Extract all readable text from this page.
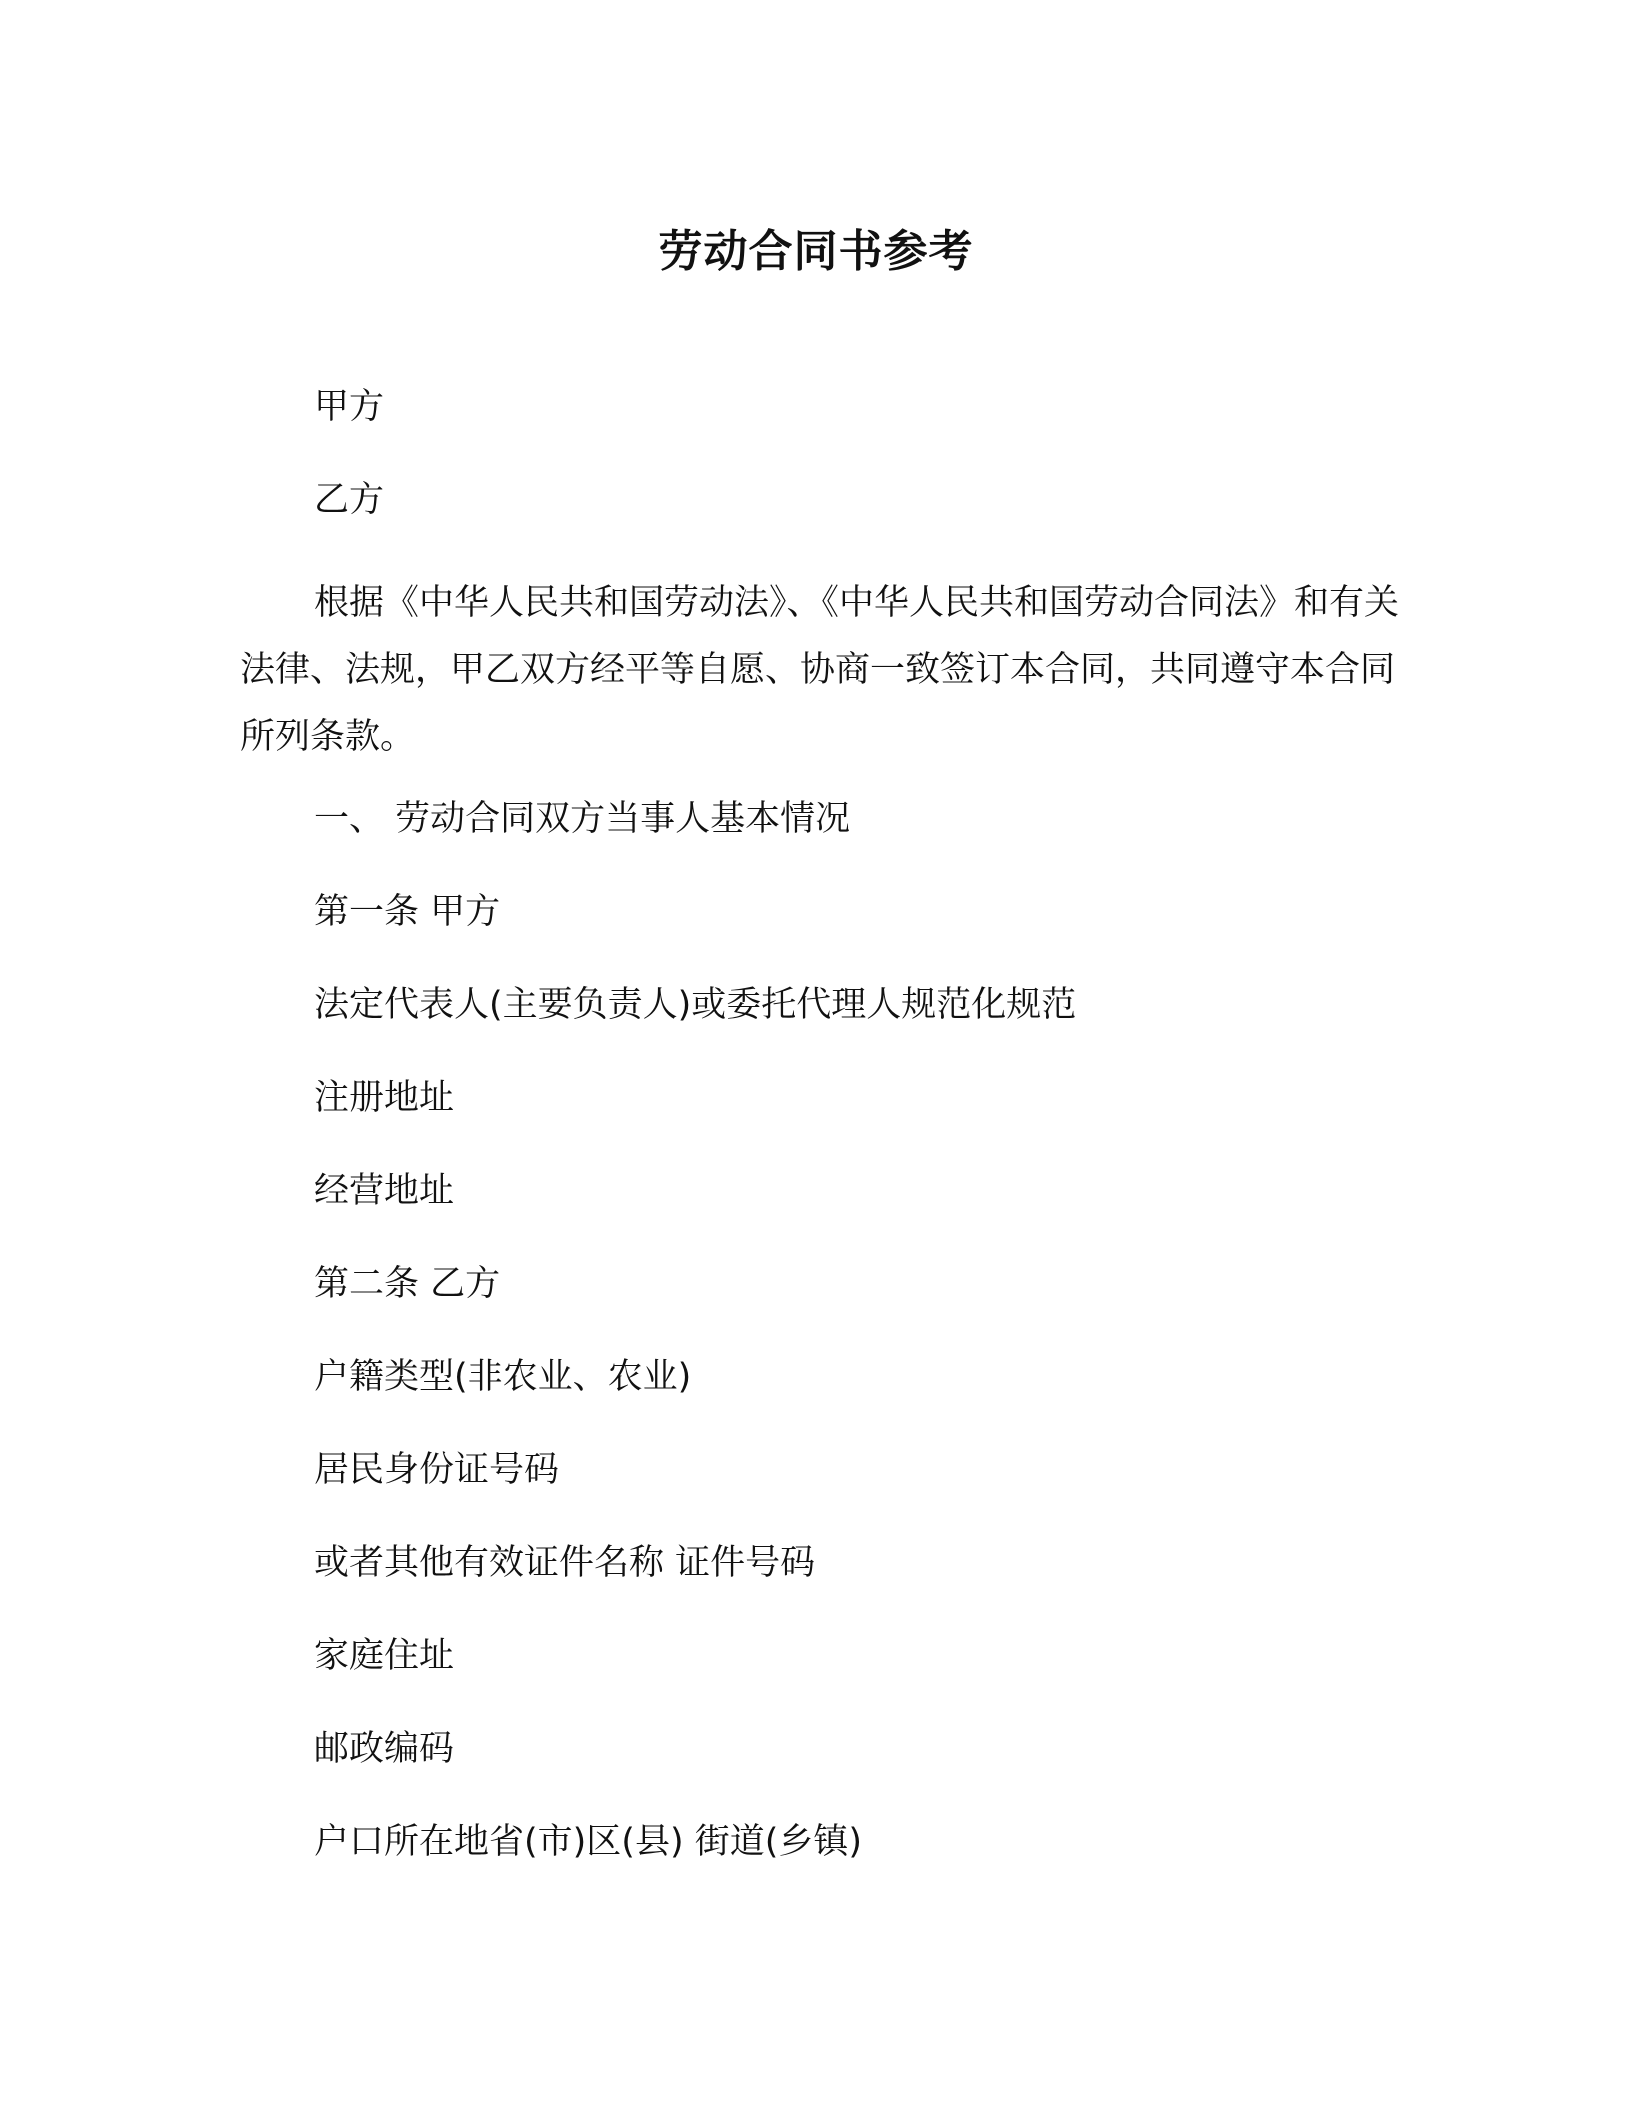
劳动合同书参考
甲方
乙方
根据《中华人民共和国劳动法》、《中华人民共和国劳动合同法》和有关法律、法规，甲乙双方经平等自愿、协商一致签订本合同，共同遵守本合同所列条款。
一、 劳动合同双方当事人基本情况
第一条 甲方
法定代表人(主要负责人)或委托代理人规范化规范
注册地址
经营地址
第二条 乙方
户籍类型(非农业、农业)
居民身份证号码
或者其他有效证件名称 证件号码
家庭住址
邮政编码
户口所在地省(市)区(县) 街道(乡镇)
